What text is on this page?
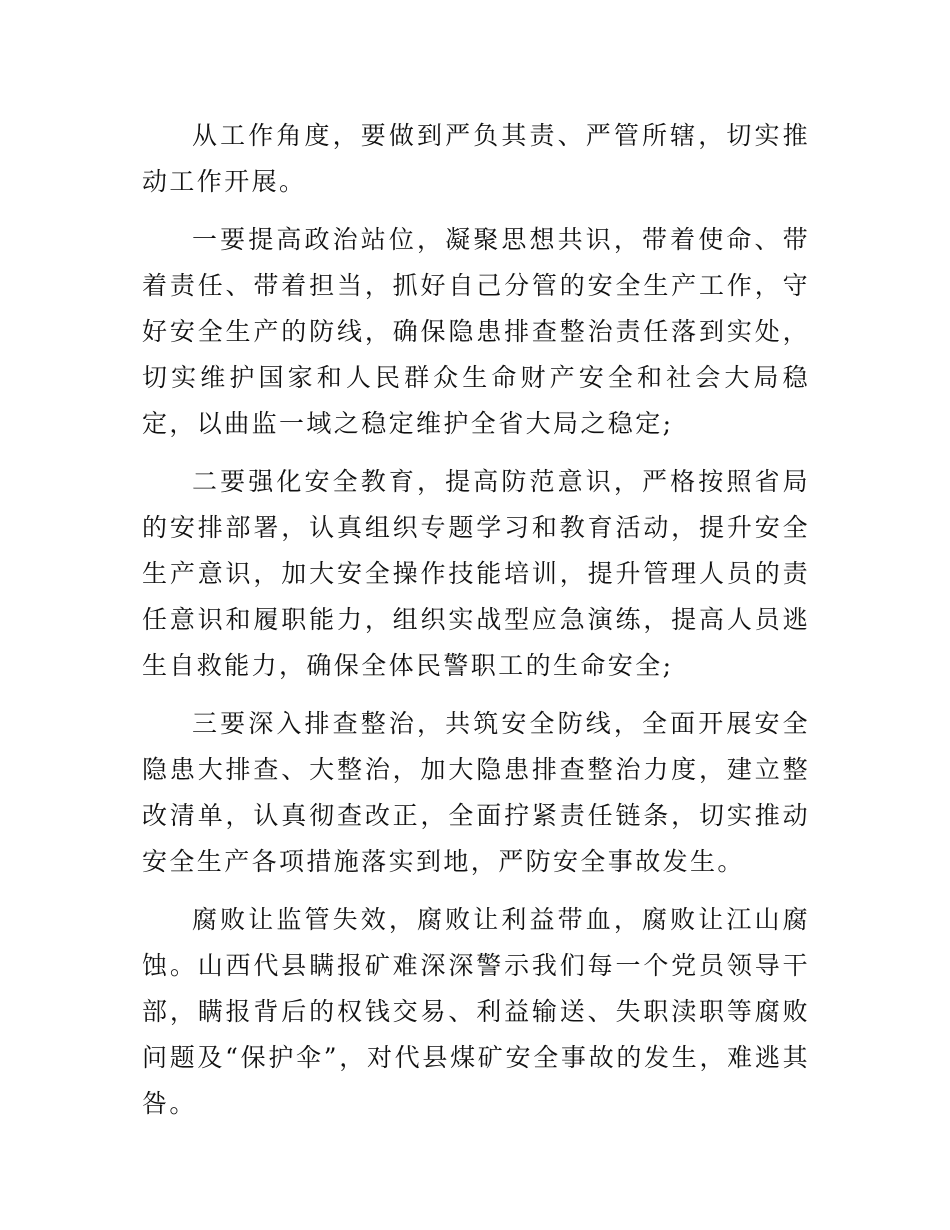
从工作角度，要做到严负其责、严管所辖，切实推动工作开展。

一要提高政治站位，凝聚思想共识，带着使命、带着责任、带着担当，抓好自己分管的安全生产工作，守好安全生产的防线，确保隐患排查整治责任落到实处，切实维护国家和人民群众生命财产安全和社会大局稳定，以曲监一域之稳定维护全省大局之稳定;

二要强化安全教育，提高防范意识，严格按照省局的安排部署，认真组织专题学习和教育活动，提升安全生产意识，加大安全操作技能培训，提升管理人员的责任意识和履职能力，组织实战型应急演练，提高人员逃生自救能力，确保全体民警职工的生命安全;

三要深入排查整治，共筑安全防线，全面开展安全隐患大排查、大整治，加大隐患排查整治力度，建立整改清单，认真彻查改正，全面拧紧责任链条，切实推动安全生产各项措施落实到地，严防安全事故发生。

腐败让监管失效，腐败让利益带血，腐败让江山腐蚀。山西代县瞒报矿难深深警示我们每一个党员领导干部，瞒报背后的权钱交易、利益输送、失职渎职等腐败问题及“保护伞”，对代县煤矿安全事故的发生，难逃其咎。
